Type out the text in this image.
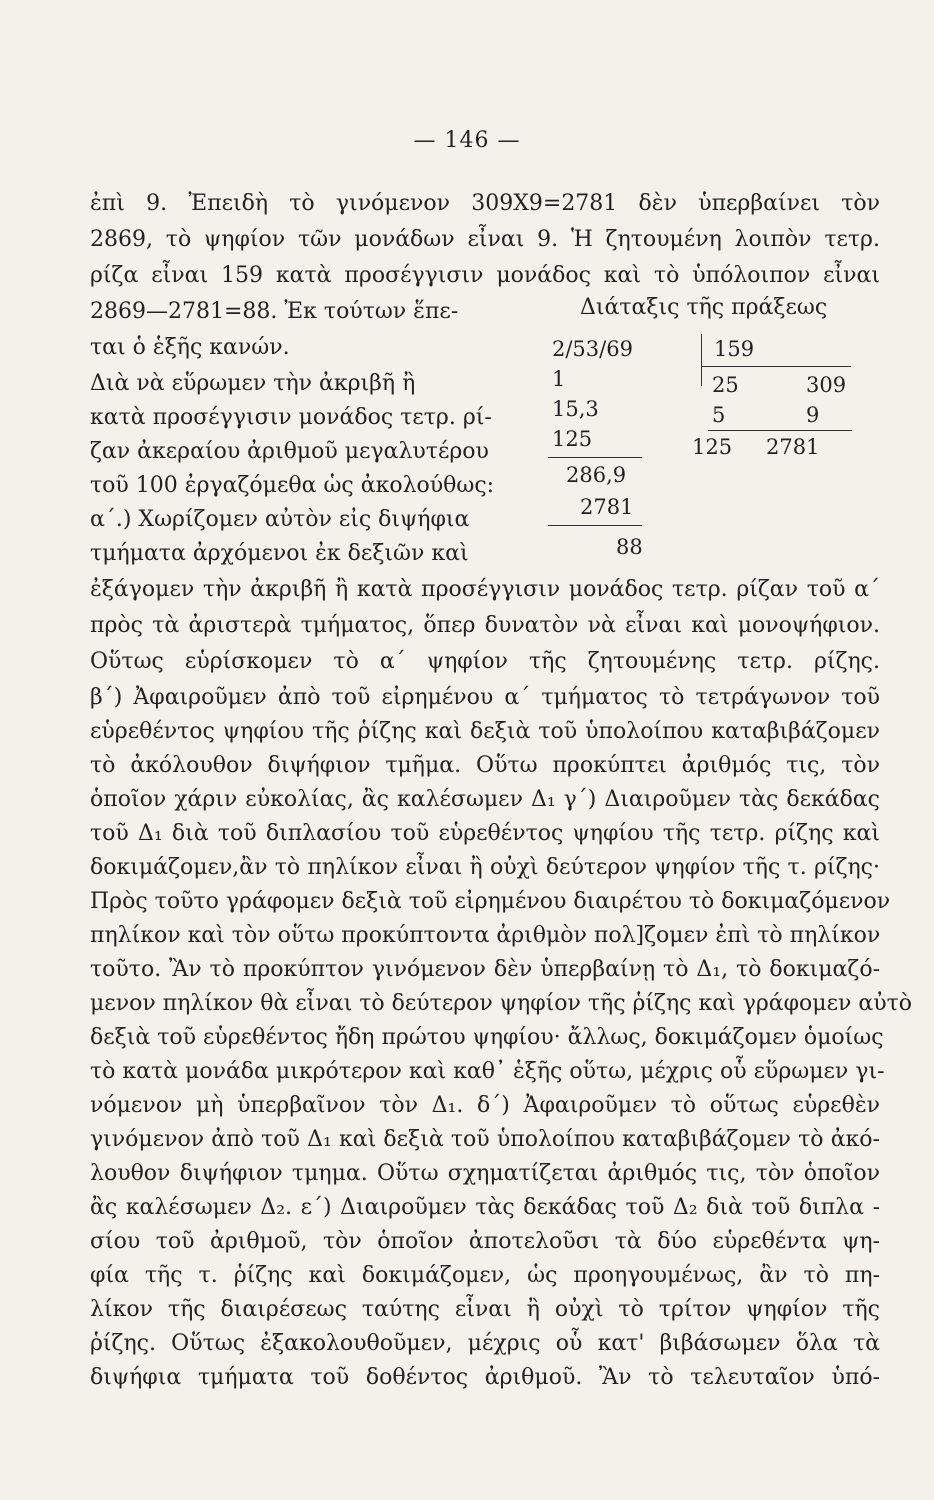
— 146 —
ἐπὶ 9. Ἐπειδὴ τὸ γινόμενον 309X9=2781 δὲν ὑπερβαίνει τὸν
2869, τὸ ψηφίον τῶν μονάδων εἶναι 9. Ἡ ζητουμένη λοιπὸν τετρ.
ρίζα εἶναι 159 κατὰ προσέγγισιν μονάδος καὶ τὸ ὑπόλοιπον εἶναι
2869—2781=88. Ἐκ τούτων ἕπε-
ται ὁ ἑξῆς κανών.
Διὰ νὰ εὕρωμεν τὴν ἀκριβῆ ἢ
κατὰ προσέγγισιν μονάδος τετρ. ρί-
ζαν ἀκεραίου ἀριθμοῦ μεγαλυτέρου
τοῦ 100 ἐργαζόμεθα ὡς ἀκολούθως:
α΄.) Χωρίζομεν αὐτὸν εἰς διψήφια
τμήματα ἀρχόμενοι ἐκ δεξιῶν καὶ
Διάταξις τῆς πράξεως
2/53/69
1
15,3
125
286,9
2781
88
159
25	309
5	9
125 2781
ἐξάγομεν τὴν ἀκριβῆ ἢ κατὰ προσέγγισιν μονάδος τετρ. ρίζαν τοῦ α΄
πρὸς τὰ ἀριστερὰ τμήματος, ὅπερ δυνατὸν νὰ εἶναι καὶ μονοψήφιον.
Οὕτως εὑρίσκομεν τὸ α΄ ψηφίον τῆς ζητουμένης τετρ. ρίζης.
β΄) Ἀφαιροῦμεν ἀπὸ τοῦ εἰρημένου α΄ τμήματος τὸ τετράγωνον τοῦ
εὑρεθέντος ψηφίου τῆς ῥίζης καὶ δεξιὰ τοῦ ὑπολοίπου καταβιβάζομεν
τὸ ἀκόλουθον διψήφιον τμῆμα. Οὕτω προκύπτει ἀριθμός τις, τὸν
ὁποῖον χάριν εὐκολίας, ἂς καλέσωμεν Δ₁ γ΄) Διαιροῦμεν τὰς δεκάδας
τοῦ Δ₁ διὰ τοῦ διπλασίου τοῦ εὑρεθέντος ψηφίου τῆς τετρ. ρίζης καὶ
δοκιμάζομεν,ἂν τὸ πηλίκον εἶναι ἢ οὐχὶ δεύτερον ψηφίον τῆς τ. ρίζης·
Πρὸς τοῦτο γράφομεν δεξιὰ τοῦ εἰρημένου διαιρέτου τὸ δοκιμαζόμενον
πηλίκον καὶ τὸν οὕτω προκύπτοντα ἀριθμὸν πολ]ζομεν ἐπὶ τὸ πηλίκον
τοῦτο. Ἂν τὸ προκύπτον γινόμενον δὲν ὑπερβαίνῃ τὸ Δ₁, τὸ δοκιμαζό-
μενον πηλίκον θὰ εἶναι τὸ δεύτερον ψηφίον τῆς ῥίζης καὶ γράφομεν αὐτὸ
δεξιὰ τοῦ εὑρεθέντος ἤδη πρώτου ψηφίου· ἄλλως, δοκιμάζομεν ὁμοίως
τὸ κατὰ μονάδα μικρότερον καὶ καθ᾿ ἑξῆς οὕτω, μέχρις οὗ εὕρωμεν γι-
νόμενον μὴ ὑπερβαῖνον τὸν Δ₁. δ΄) Ἀφαιροῦμεν τὸ οὕτως εὑρεθὲν
γινόμενον ἀπὸ τοῦ Δ₁ καὶ δεξιὰ τοῦ ὑπολοίπου καταβιβάζομεν τὸ ἀκό-
λουθον διψήφιον τμημα. Οὕτω σχηματίζεται ἀριθμός τις, τὸν ὁποῖον
ἂς καλέσωμεν Δ₂. ε΄) Διαιροῦμεν τὰς δεκάδας τοῦ Δ₂ διὰ τοῦ διπλα -
σίου τοῦ ἀριθμοῦ, τὸν ὁποῖον ἀποτελοῦσι τὰ δύο εὑρεθέντα ψη-
φία τῆς τ. ῥίζης καὶ δοκιμάζομεν, ὡς προηγουμένως, ἂν τὸ πη-
λίκον τῆς διαιρέσεως ταύτης εἶναι ἢ οὐχὶ τὸ τρίτον ψηφίον τῆς
ῥίζης. Οὕτως ἐξακολουθοῦμεν, μέχρις οὗ κατ' βιβάσωμεν ὅλα τὰ
διψήφια τμήματα τοῦ δοθέντος ἀριθμοῦ. Ἂν τὸ τελευταῖον ὑπό-
